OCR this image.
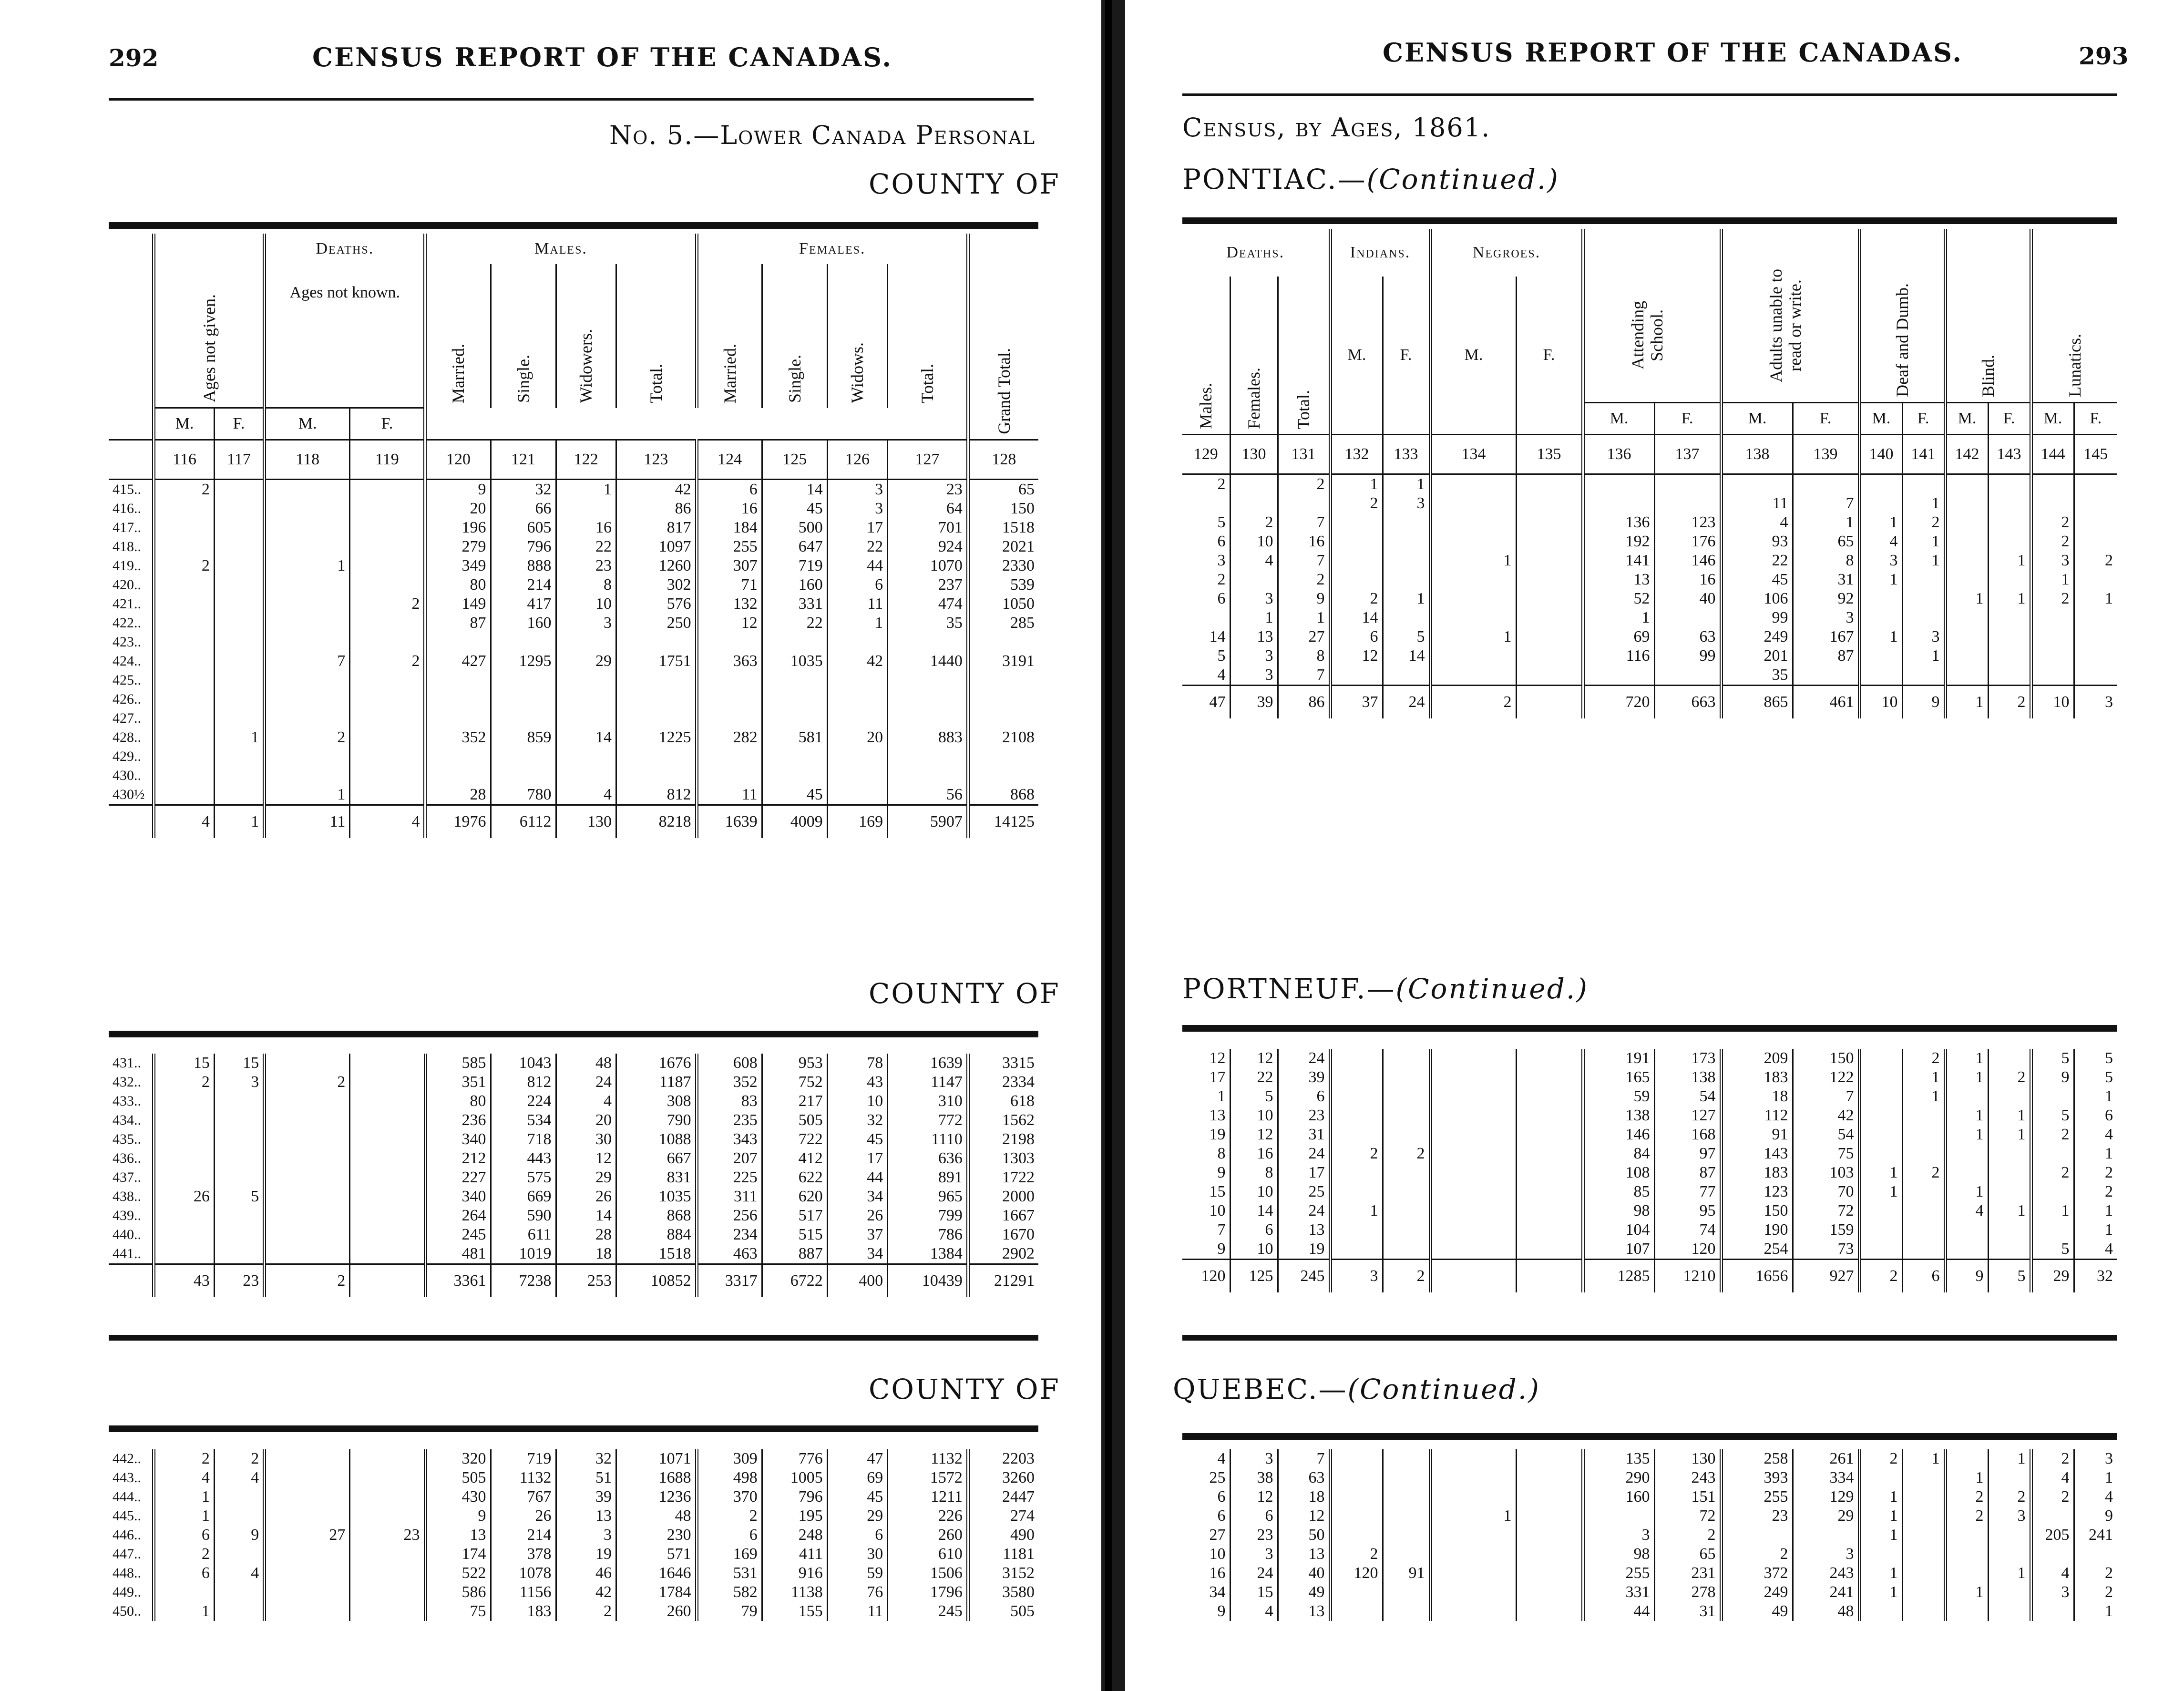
292	CENSUS REPORT OF THE CANADAS.
No. 5.—Lower Canada Personal
COUNTY OF
	Ages not given.		Deaths.		Males.				Females.				Grand Total.
			Ages not known.		Married.	Single.	Widowers.	Total.	Married.	Single.	Widows.	Total.	
	M.	F.	M.	F.									
	116	117	118	119	120	121	122	123	124	125	126	127	128
415..	2				9	32	1	42	6	14	3	23	65
416..					20	66		86	16	45	3	64	150
417..					196	605	16	817	184	500	17	701	1518
418..					279	796	22	1097	255	647	22	924	2021
419..	2		1		349	888	23	1260	307	719	44	1070	2330
420..					80	214	8	302	71	160	6	237	539
421..				2	149	417	10	576	132	331	11	474	1050
422..					87	160	3	250	12	22	1	35	285
423..													
424..			7	2	427	1295	29	1751	363	1035	42	1440	3191
425..													
426..													
427..													
428..		1	2		352	859	14	1225	282	581	20	883	2108
429..													
430..													
430½			1		28	780	4	812	11	45		56	868
	4	1	11	4	1976	6112	130	8218	1639	4009	169	5907	14125
COUNTY OF
431..	15	15			585	1043	48	1676	608	953	78	1639	3315
432..	2	3	2		351	812	24	1187	352	752	43	1147	2334
433..					80	224	4	308	83	217	10	310	618
434..					236	534	20	790	235	505	32	772	1562
435..					340	718	30	1088	343	722	45	1110	2198
436..					212	443	12	667	207	412	17	636	1303
437..					227	575	29	831	225	622	44	891	1722
438..	26	5			340	669	26	1035	311	620	34	965	2000
439..					264	590	14	868	256	517	26	799	1667
440..					245	611	28	884	234	515	37	786	1670
441..					481	1019	18	1518	463	887	34	1384	2902
	43	23	2		3361	7238	253	10852	3317	6722	400	10439	21291
COUNTY OF
442..	2	2			320	719	32	1071	309	776	47	1132	2203
443..	4	4			505	1132	51	1688	498	1005	69	1572	3260
444..	1				430	767	39	1236	370	796	45	1211	2447
445..	1				9	26	13	48	2	195	29	226	274
446..	6	9	27	23	13	214	3	230	6	248	6	260	490
447..	2				174	378	19	571	169	411	30	610	1181
448..	6	4			522	1078	46	1646	531	916	59	1506	3152
449..					586	1156	42	1784	582	1138	76	1796	3580
450..	1				75	183	2	260	79	155	11	245	505
CENSUS REPORT OF THE CANADAS.	293
Census, by Ages, 1861.
PONTIAC.—(Continued.)
Deaths.			Indians.		Negroes.		Attending School.		Adults unable to read or write.		Deaf and Dumb.		Blind.		Lunatics.	
Males.	Females.	Total.	M.	F.	M.	F.										
							M.	F.	M.	F.	M.	F.	M.	F.	M.	F.
129	130	131	132	133	134	135	136	137	138	139	140	141	142	143	144	145
2		2	1	1												
			2	3					11	7		1				
5	2	7					136	123	4	1	1	2			2	
6	10	16					192	176	93	65	4	1			2	
3	4	7			1		141	146	22	8	3	1		1	3	2
2		2					13	16	45	31	1				1	
6	3	9	2	1			52	40	106	92			1	1	2	1
	1	1	14				1		99	3						
14	13	27	6	5	1		69	63	249	167	1	3				
5	3	8	12	14			116	99	201	87		1				
4	3	7							35							
47	39	86	37	24	2		720	663	865	461	10	9	1	2	10	3
PORTNEUF.—(Continued.)
12	12	24					191	173	209	150		2	1		5	5
17	22	39					165	138	183	122		1	1	2	9	5
1	5	6					59	54	18	7		1				1
13	10	23					138	127	112	42			1	1	5	6
19	12	31					146	168	91	54			1	1	2	4
8	16	24	2	2			84	97	143	75						1
9	8	17					108	87	183	103	1	2			2	2
15	10	25					85	77	123	70	1		1			2
10	14	24	1				98	95	150	72			4	1	1	1
7	6	13					104	74	190	159						1
9	10	19					107	120	254	73					5	4
120	125	245	3	2			1285	1210	1656	927	2	6	9	5	29	32
QUEBEC.—(Continued.)
4	3	7					135	130	258	261	2	1		1	2	3
25	38	63					290	243	393	334			1		4	1
6	12	18					160	151	255	129	1		2	2	2	4
6	6	12			1			72	23	29	1		2	3		9
27	23	50					3	2			1				205	241
10	3	13	2				98	65	2	3						
16	24	40	120	91			255	231	372	243	1			1	4	2
34	15	49					331	278	249	241	1		1		3	2
9	4	13					44	31	49	48						1
